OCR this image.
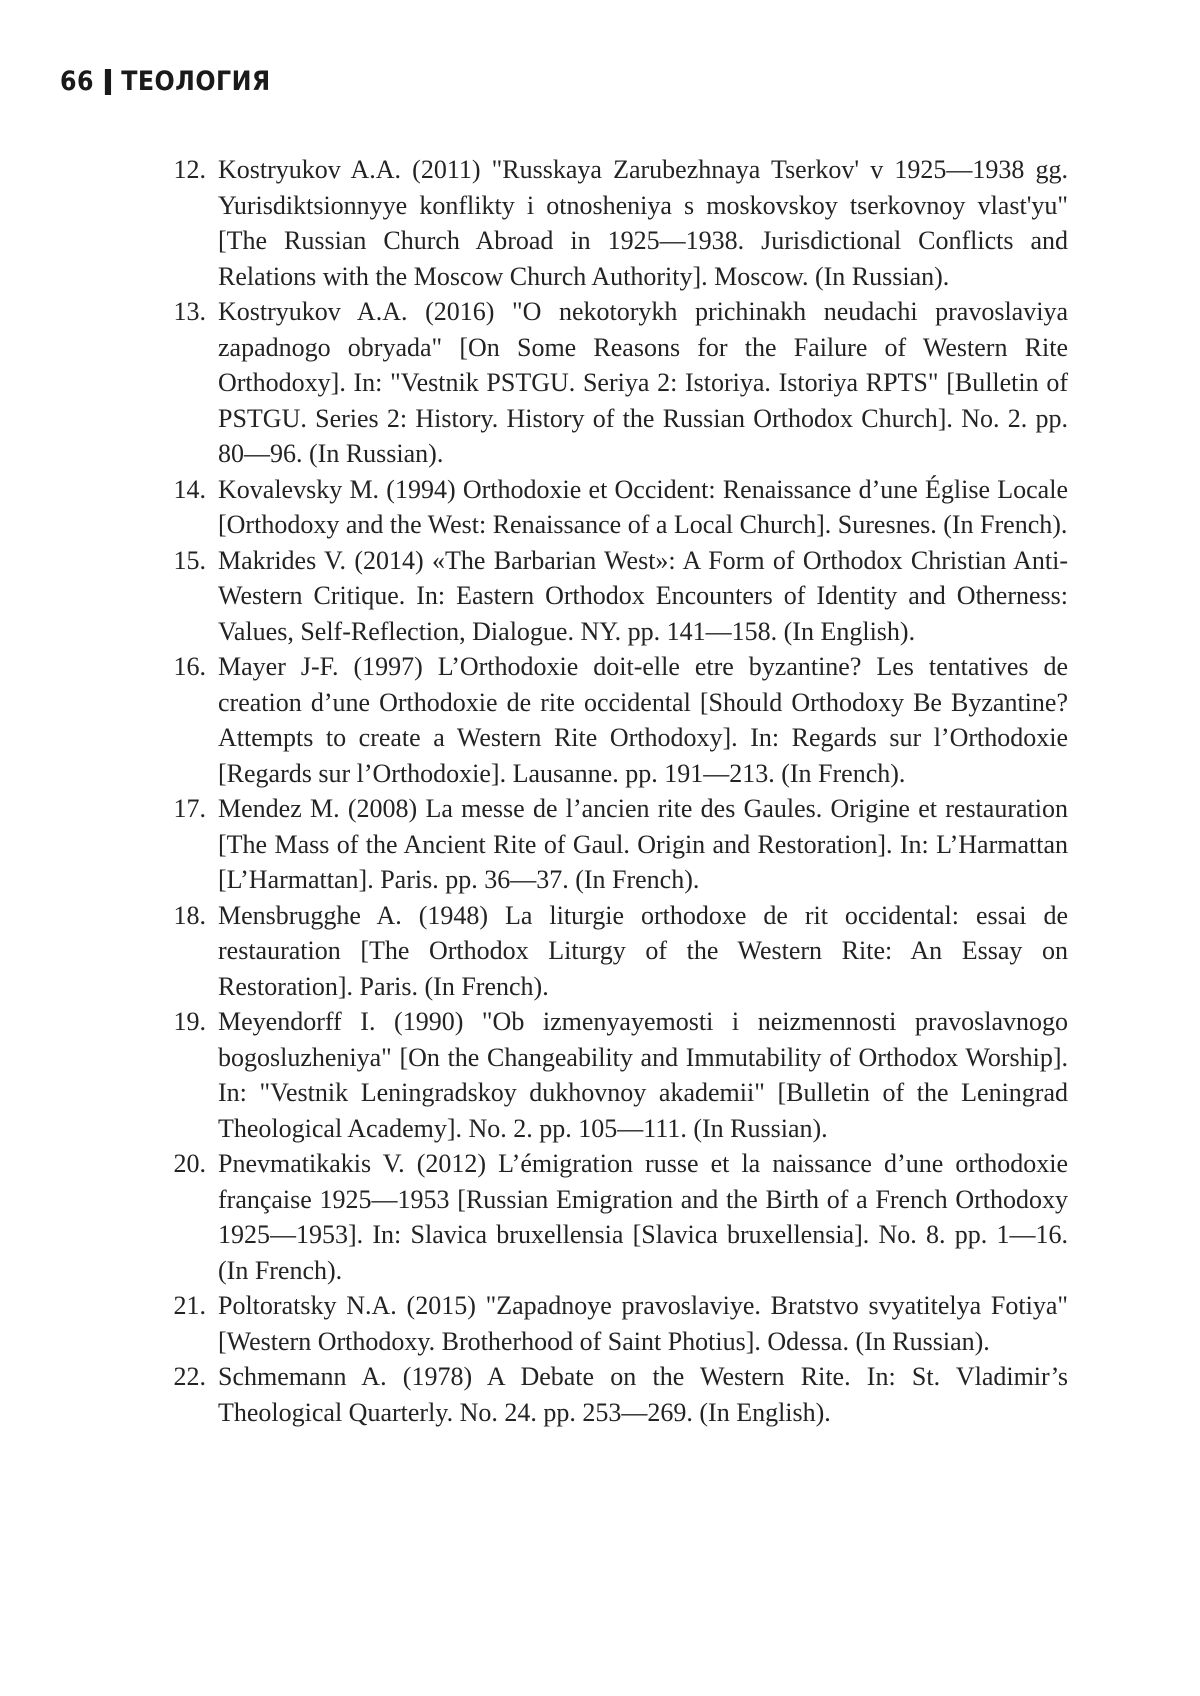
66 ТЕОЛОГИЯ
12. Kostryukov A.A. (2011) "Russkaya Zarubezhnaya Tserkov' v 1925—1938 gg. Yurisdiktsionnyye konflikty i otnosheniya s moskovskoy tserkovnoy vlast'yu" [The Russian Church Abroad in 1925—1938. Jurisdictional Conflicts and Relations with the Moscow Church Authority]. Moscow. (In Russian).
13. Kostryukov A.A. (2016) "O nekotorykh prichinakh neudachi pravoslaviya zapadnogo obryada" [On Some Reasons for the Failure of Western Rite Orthodoxy]. In: "Vestnik PSTGU. Seriya 2: Istoriya. Istoriya RPTS" [Bulletin of PSTGU. Series 2: History. History of the Russian Orthodox Church]. No. 2. pp. 80—96. (In Russian).
14. Kovalevsky M. (1994) Orthodoxie et Occident: Renaissance d’une Église Locale [Orthodoxy and the West: Renaissance of a Local Church]. Suresnes. (In French).
15. Makrides V. (2014) «The Barbarian West»: A Form of Orthodox Christian Anti-Western Critique. In: Eastern Orthodox Encounters of Identity and Otherness: Values, Self-Reflection, Dialogue. NY. pp. 141—158. (In English).
16. Mayer J-F. (1997) L’Orthodoxie doit-elle etre byzantine? Les tentatives de creation d’une Orthodoxie de rite occidental [Should Orthodoxy Be Byzantine? Attempts to create a Western Rite Orthodoxy]. In: Regards sur l’Orthodoxie [Regards sur l’Orthodoxie]. Lausanne. pp. 191—213. (In French).
17. Mendez M. (2008) La messe de l’ancien rite des Gaules. Origine et restauration [The Mass of the Ancient Rite of Gaul. Origin and Restoration]. In: L’Harmattan [L’Harmattan]. Paris. pp. 36—37. (In French).
18. Mensbrugghe A. (1948) La liturgie orthodoxe de rit occidental: essai de restauration [The Orthodox Liturgy of the Western Rite: An Essay on Restoration]. Paris. (In French).
19. Meyendorff I. (1990) "Ob izmenyayemosti i neizmennosti pravoslavnogo bogosluzheniya" [On the Changeability and Immutability of Orthodox Worship]. In: "Vestnik Leningradskoy dukhovnoy akademii" [Bulletin of the Leningrad Theological Academy]. No. 2. pp. 105—111. (In Russian).
20. Pnevmatikakis V. (2012) L’émigration russe et la naissance d’une orthodoxie française 1925—1953 [Russian Emigration and the Birth of a French Orthodoxy 1925—1953]. In: Slavica bruxellensia [Slavica bruxellensia]. No. 8. pp. 1—16. (In French).
21. Poltoratsky N.A. (2015) "Zapadnoye pravoslaviye. Bratstvo svyatitelya Fotiya" [Western Orthodoxy. Brotherhood of Saint Photius]. Odessa. (In Russian).
22. Schmemann A. (1978) A Debate on the Western Rite. In: St. Vladimir’s Theological Quarterly. No. 24. pp. 253—269. (In English).
